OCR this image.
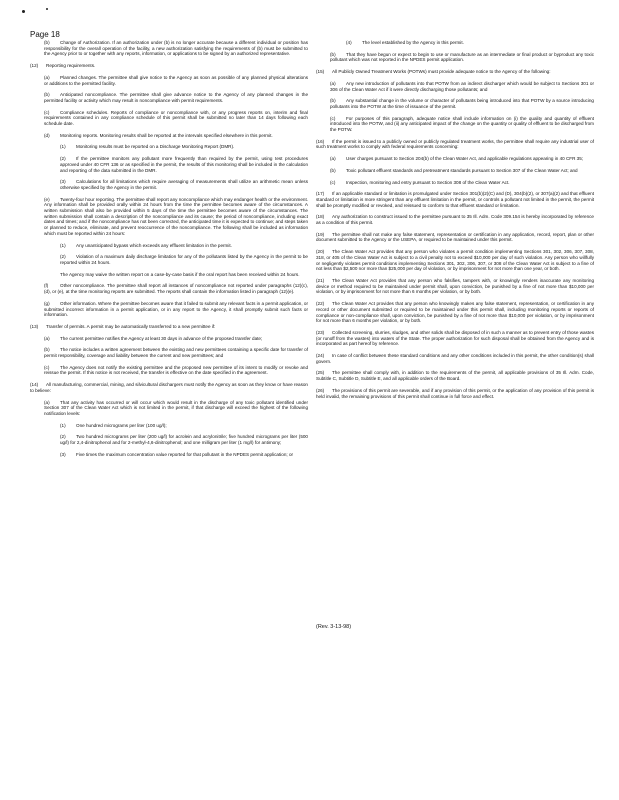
Page 18

(b) Change of Authorization. If an authorization under (b) is no longer accurate because a different individual or position has responsibility for the overall operation of the facility, a new authorization satisfying the requirements of (b) must be submitted to the Agency prior to or together with any reports, information, or applications to be signed by an authorized representative.

(12) Reporting requirements.

(a) Planned changes. The permittee shall give notice to the Agency as soon as possible of any planned physical alterations or additions to the permitted facility.

(b) Anticipated noncompliance. The permittee shall give advance notice to the Agency of any planned changes in the permitted facility or activity which may result in noncompliance with permit requirements.

(c) Compliance schedules. Reports of compliance or noncompliance with, or any progress reports on, interim and final requirements contained in any compliance schedule of this permit shall be submitted no later than 14 days following each schedule date.

(d) Monitoring reports. Monitoring results shall be reported at the intervals specified elsewhere in this permit.

(1) Monitoring results must be reported on a Discharge Monitoring Report (DMR).

(2) If the permittee monitors any pollutant more frequently than required by the permit, using test procedures approved under 40 CFR 136 or as specified in the permit, the results of this monitoring shall be included in the calculation and reporting of the data submitted in the DMR.

(3) Calculations for all limitations which require averaging of measurements shall utilize an arithmetic mean unless otherwise specified by the Agency in the permit.

(e) Twenty-four hour reporting. The permittee shall report any noncompliance which may endanger health or the environment. Any information shall be provided orally within 24 hours from the time the permittee becomes aware of the circumstances. A written submission shall also be provided within 5 days of the time the permittee becomes aware of the circumstances. The written submission shall contain a description of the noncompliance and its cause; the period of noncompliance, including exact dates and times; and if the noncompliance has not been corrected, the anticipated time it is expected to continue; and steps taken or planned to reduce, eliminate, and prevent reoccurrence of the noncompliance. The following shall be included as information which must be reported within 24 hours:

(1) Any unanticipated bypass which exceeds any effluent limitation in the permit.

(2) Violation of a maximum daily discharge limitation for any of the pollutants listed by the Agency in the permit to be reported within 24 hours.

The Agency may waive the written report on a case-by-case basis if the oral report has been received within 24 hours.

(f)	Other noncompliance. The permittee shall report all instances of noncompliance not reported under paragraphs (12)(c), (d), or (e), at the time monitoring reports are submitted. The reports shall contain the information listed in paragraph (12)(e).

(g) Other information. Where the permittee becomes aware that it failed to submit any relevant facts in a permit application, or submitted incorrect information in a permit application, or in any report to the Agency, it shall promptly submit such facts or information.

(13) Transfer of permits. A permit may be automatically transferred to a new permittee if:

(a) The current permittee notifies the Agency at least 30 days in advance of the proposed transfer date;

(b) The notice includes a written agreement between the existing and new permittees containing a specific date for transfer of permit responsibility, coverage and liability between the current and new permittees; and

(c) The Agency does not notify the existing permittee and the proposed new permittee of its intent to modify or revoke and reissue the permit. If this notice is not received, the transfer is effective on the date specified in the agreement.

(14) All manufacturing, commercial, mining, and silvicultural dischargers must notify the Agency as soon as they know or have reason to believe:

(a) That any activity has occurred or will occur which would result in the discharge of any toxic pollutant identified under Section 307 of the Clean Water Act which is not limited in the permit, if that discharge will exceed the highest of the following notification levels:

(1) One hundred micrograms per liter (100 ug/l);

(2) Two hundred micrograms per liter (200 ug/l) for acrolein and acrylonitrile; five hundred micrograms per liter (500 ug/l) for 2,4-dinitrophenol and for 2-methyl-4,6-dinitrophenol; and one milligram per liter (1 mg/l) for antimony;

(3) Five times the maximum concentration value reported for that pollutant in the NPDES permit application; or

(4) The level established by the Agency in this permit.

(b) That they have begun or expect to begin to use or manufacture as an intermediate or final product or byproduct any toxic pollutant which was not reported in the NPDES permit application.

(15) All Publicly Owned Treatment Works (POTWs) must provide adequate notice to the Agency of the following:

(a) Any new introduction of pollutants into that POTW from an indirect discharger which would be subject to Sections 301 or 306 of the Clean Water Act if it were directly discharging those pollutants; and

(b) Any substantial change in the volume or character of pollutants being introduced into that POTW by a source introducing pollutants into the POTW at the time of issuance of the permit.

(c) For purposes of this paragraph, adequate notice shall include information on (i) the quality and quantity of effluent introduced into the POTW, and (ii) any anticipated impact of the change on the quantity or quality of effluent to be discharged from the POTW.

(16) If the permit is issued to a publicly owned or publicly regulated treatment works, the permittee shall require any industrial user of such treatment works to comply with federal requirements concerning:

(a) User charges pursuant to Section 204(b) of the Clean Water Act, and applicable regulations appearing in 40 CFR 35;

(b) Toxic pollutant effluent standards and pretreatment standards pursuant to Section 307 of the Clean Water Act; and

(c) Inspection, monitoring and entry pursuant to Section 308 of the Clean Water Act.

(17) If an applicable standard or limitation is promulgated under Section 301(b)(2)(C) and (D), 304(b)(2), or 307(a)(2) and that effluent standard or limitation is more stringent than any effluent limitation in the permit, or controls a pollutant not limited in the permit, the permit shall be promptly modified or revoked, and reissued to conform to that effluent standard or limitation.

(18) Any authorization to construct issued to the permittee pursuant to 35 Ill. Adm. Code 309.154 is hereby incorporated by reference as a condition of this permit.

(19) The permittee shall not make any false statement, representation or certification in any application, record, report, plan or other document submitted to the Agency or the USEPA, or required to be maintained under this permit.

(20) The Clean Water Act provides that any person who violates a permit condition implementing Sections 301, 302, 306, 307, 308, 318, or 405 of the Clean Water Act is subject to a civil penalty not to exceed $10,000 per day of such violation. Any person who willfully or negligently violates permit conditions implementing Sections 301, 302, 306, 307, or 308 of the Clean Water Act is subject to a fine of not less than $2,500 nor more than $25,000 per day of violation, or by imprisonment for not more than one year, or both.

(21) The Clean Water Act provides that any person who falsifies, tampers with, or knowingly renders inaccurate any monitoring device or method required to be maintained under permit shall, upon conviction, be punished by a fine of not more than $10,000 per violation, or by imprisonment for not more than 6 months per violation, or by both.

(22) The Clean Water Act provides that any person who knowingly makes any false statement, representation, or certification in any record or other document submitted or required to be maintained under this permit shall, including monitoring reports or reports of compliance or non-compliance shall, upon conviction, be punished by a fine of not more than $10,000 per violation, or by imprisonment for not more than 6 months per violation, or by both.

(23) Collected screening, slurries, sludges, and other solids shall be disposed of in such a manner as to prevent entry of those wastes (or runoff from the wastes) into waters of the State. The proper authorization for such disposal shall be obtained from the Agency and is incorporated as part hereof by reference.

(24) In case of conflict between these standard conditions and any other conditions included in this permit, the other condition(s) shall govern.

(25) The permittee shall comply with, in addition to the requirements of the permit, all applicable provisions of 35 Ill. Adm. Code, Subtitle C, Subtitle D, Subtitle E, and all applicable orders of the Board.

(26) The provisions of this permit are severable, and if any provision of this permit, or the application of any provision of this permit is held invalid, the remaining provisions of this permit shall continue in full force and effect.

(Rev. 3-13-98)
